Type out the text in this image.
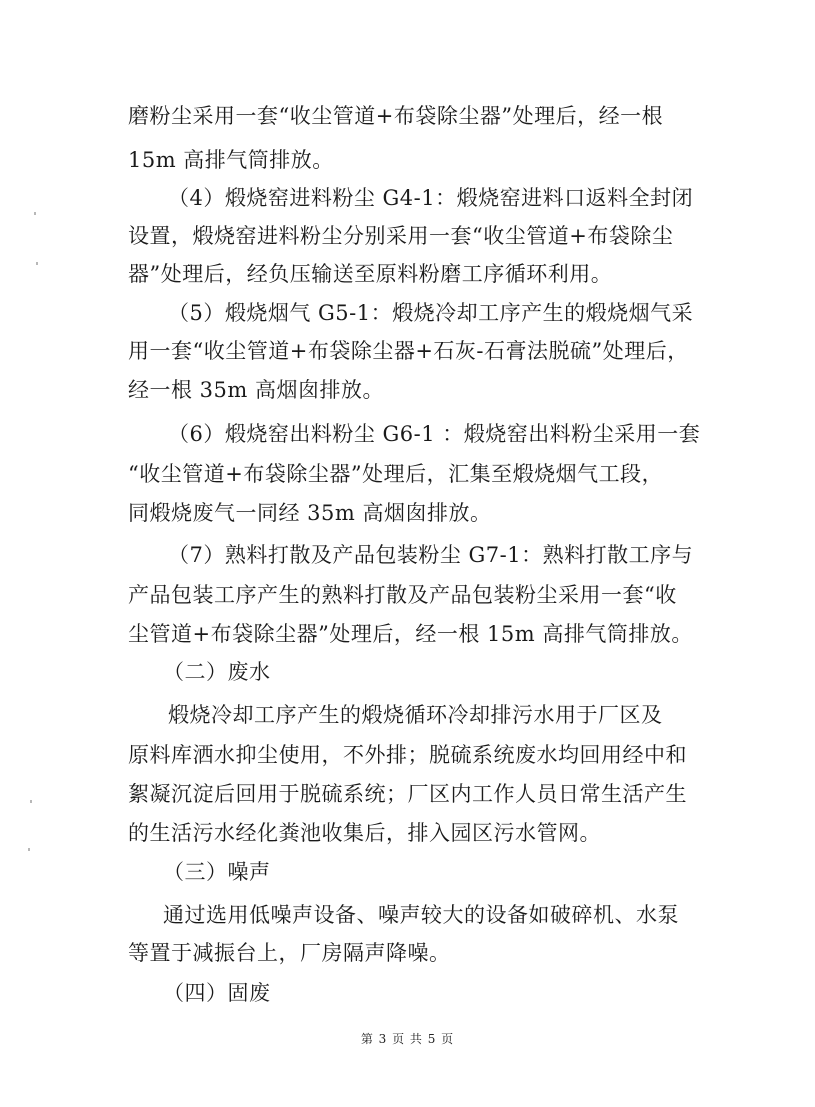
磨粉尘采用一套“收尘管道+布袋除尘器”处理后，经一根

15m 高排气筒排放。

（4）煅烧窑进料粉尘 G4-1：煅烧窑进料口返料全封闭

设置，煅烧窑进料粉尘分别采用一套“收尘管道+布袋除尘

器”处理后，经负压输送至原料粉磨工序循环利用。

（5）煅烧烟气 G5-1：煅烧冷却工序产生的煅烧烟气采

用一套“收尘管道+布袋除尘器+石灰-石膏法脱硫”处理后，

经一根 35m 高烟囱排放。

（6）煅烧窑出料粉尘 G6-1 ：煅烧窑出料粉尘采用一套

“收尘管道+布袋除尘器”处理后，汇集至煅烧烟气工段，

同煅烧废气一同经 35m 高烟囱排放。

（7）熟料打散及产品包装粉尘 G7-1：熟料打散工序与

产品包装工序产生的熟料打散及产品包装粉尘采用一套“收

尘管道+布袋除尘器”处理后，经一根 15m 高排气筒排放。

（二）废水

煅烧冷却工序产生的煅烧循环冷却排污水用于厂区及

原料库洒水抑尘使用，不外排；脱硫系统废水均回用经中和

絮凝沉淀后回用于脱硫系统；厂区内工作人员日常生活产生

的生活污水经化粪池收集后，排入园区污水管网。

（三）噪声

通过选用低噪声设备、噪声较大的设备如破碎机、水泵

等置于减振台上，厂房隔声降噪。

（四）固废

第 3 页 共 5 页
